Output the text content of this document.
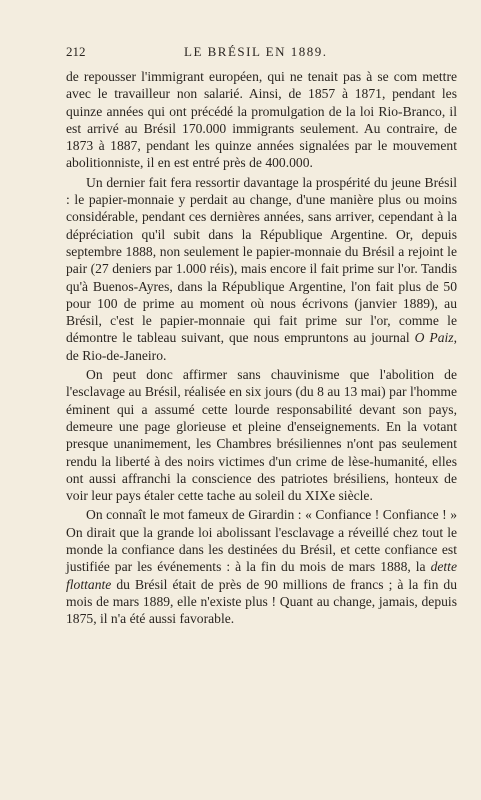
212	LE BRÉSIL EN 1889.

de repousser l'immigrant européen, qui ne tenait pas à se com mettre avec le travailleur non salarié. Ainsi, de 1857 à 1871, pendant les quinze années qui ont précédé la promulgation de la loi Rio-Branco, il est arrivé au Brésil 170.000 immigrants seulement. Au contraire, de 1873 à 1887, pendant les quinze années signalées par le mouvement abolitionniste, il en est entré près de 400.000.

Un dernier fait fera ressortir davantage la prospérité du jeune Brésil : le papier-monnaie y perdait au change, d'une manière plus ou moins considérable, pendant ces dernières années, sans arriver, cependant à la dépréciation qu'il subit dans la République Argentine. Or, depuis septembre 1888, non seulement le papier-monnaie du Brésil a rejoint le pair (27 deniers par 1.000 réis), mais encore il fait prime sur l'or. Tandis qu'à Buenos-Ayres, dans la République Argentine, l'on fait plus de 50 pour 100 de prime au moment où nous écrivons (janvier 1889), au Brésil, c'est le papier-monnaie qui fait prime sur l'or, comme le démontre le tableau suivant, que nous empruntons au journal O Paiz, de Rio-de-Janeiro.

On peut donc affirmer sans chauvinisme que l'abolition de l'esclavage au Brésil, réalisée en six jours (du 8 au 13 mai) par l'homme éminent qui a assumé cette lourde responsabilité devant son pays, demeure une page glorieuse et pleine d'enseignements. En la votant presque unanimement, les Chambres brésiliennes n'ont pas seulement rendu la liberté à des noirs victimes d'un crime de lèse-humanité, elles ont aussi affranchi la conscience des patriotes brésiliens, honteux de voir leur pays étaler cette tache au soleil du XIXe siècle.

On connaît le mot fameux de Girardin : « Confiance ! Confiance ! » On dirait que la grande loi abolissant l'esclavage a réveillé chez tout le monde la confiance dans les destinées du Brésil, et cette confiance est justifiée par les événements : à la fin du mois de mars 1888, la dette flottante du Brésil était de près de 90 millions de francs ; à la fin du mois de mars 1889, elle n'existe plus ! Quant au change, jamais, depuis 1875, il n'a été aussi favorable.
